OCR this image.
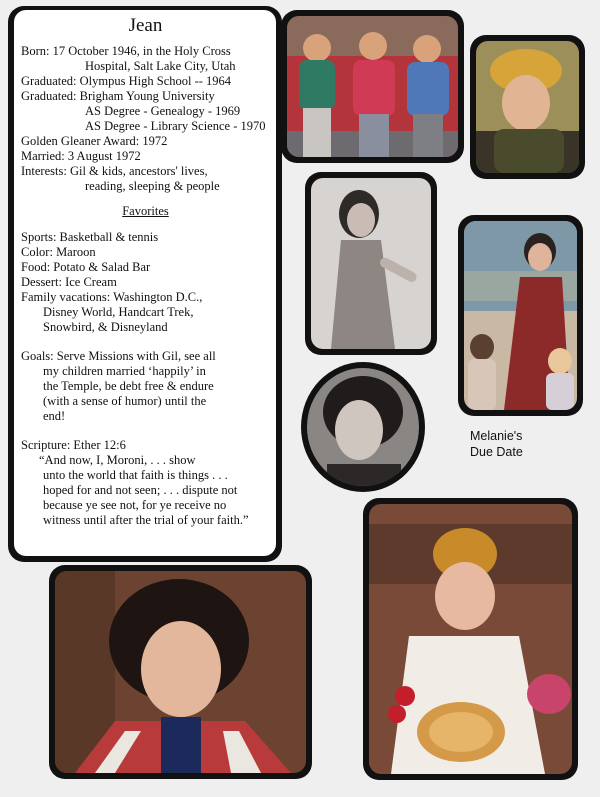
Jean
Born: 17 October 1946, in the Holy Cross
Hospital, Salt Lake City, Utah
Graduated: Olympus High School -- 1964
Graduated: Brigham Young University
AS Degree - Genealogy - 1969
AS Degree - Library Science - 1970
Golden Gleaner Award: 1972
Married: 3 August 1972
Interests: Gil & kids, ancestors' lives,
reading, sleeping & people
Favorites
Sports: Basketball & tennis
Color: Maroon
Food: Potato & Salad Bar
Dessert: Ice Cream
Family vacations: Washington D.C.,
Disney World, Handcart Trek,
Snowbird, & Disneyland
Goals: Serve Missions with Gil, see all
my children married ‘happily’ in
the Temple, be debt free & endure
(with a sense of humor) until the
end!
Scripture: Ether 12:6
“And now, I, Moroni, . . . show
unto the world that faith is things . . .
hoped for and not seen; . . . dispute not
because ye see not, for ye receive no
witness until after the trial of your faith.”
Melanie's
Due Date
